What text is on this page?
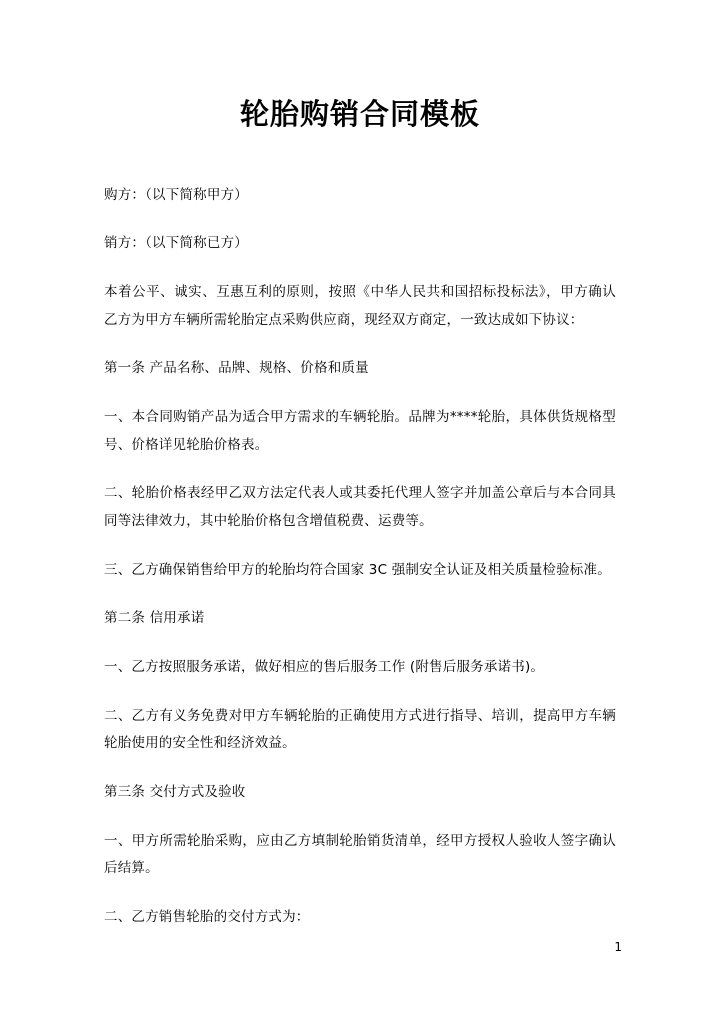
轮胎购销合同模板

购方：（以下简称甲方）

销方：（以下简称已方）

本着公平、诚实、互惠互利的原则，按照《中华人民共和国招标投标法》，甲方确认乙方为甲方车辆所需轮胎定点采购供应商，现经双方商定，一致达成如下协议：

第一条 产品名称、品牌、规格、价格和质量

一、本合同购销产品为适合甲方需求的车辆轮胎。品牌为****轮胎，具体供货规格型号、价格详见轮胎价格表。

二、轮胎价格表经甲乙双方法定代表人或其委托代理人签字并加盖公章后与本合同具同等法律效力，其中轮胎价格包含增值税费、运费等。

三、乙方确保销售给甲方的轮胎均符合国家 3C 强制安全认证及相关质量检验标准。

第二条 信用承诺

一、乙方按照服务承诺，做好相应的售后服务工作 (附售后服务承诺书)。

二、乙方有义务免费对甲方车辆轮胎的正确使用方式进行指导、培训，提高甲方车辆轮胎使用的安全性和经济效益。

第三条 交付方式及验收

一、甲方所需轮胎采购，应由乙方填制轮胎销货清单，经甲方授权人验收人签字确认后结算。

二、乙方销售轮胎的交付方式为：

1
